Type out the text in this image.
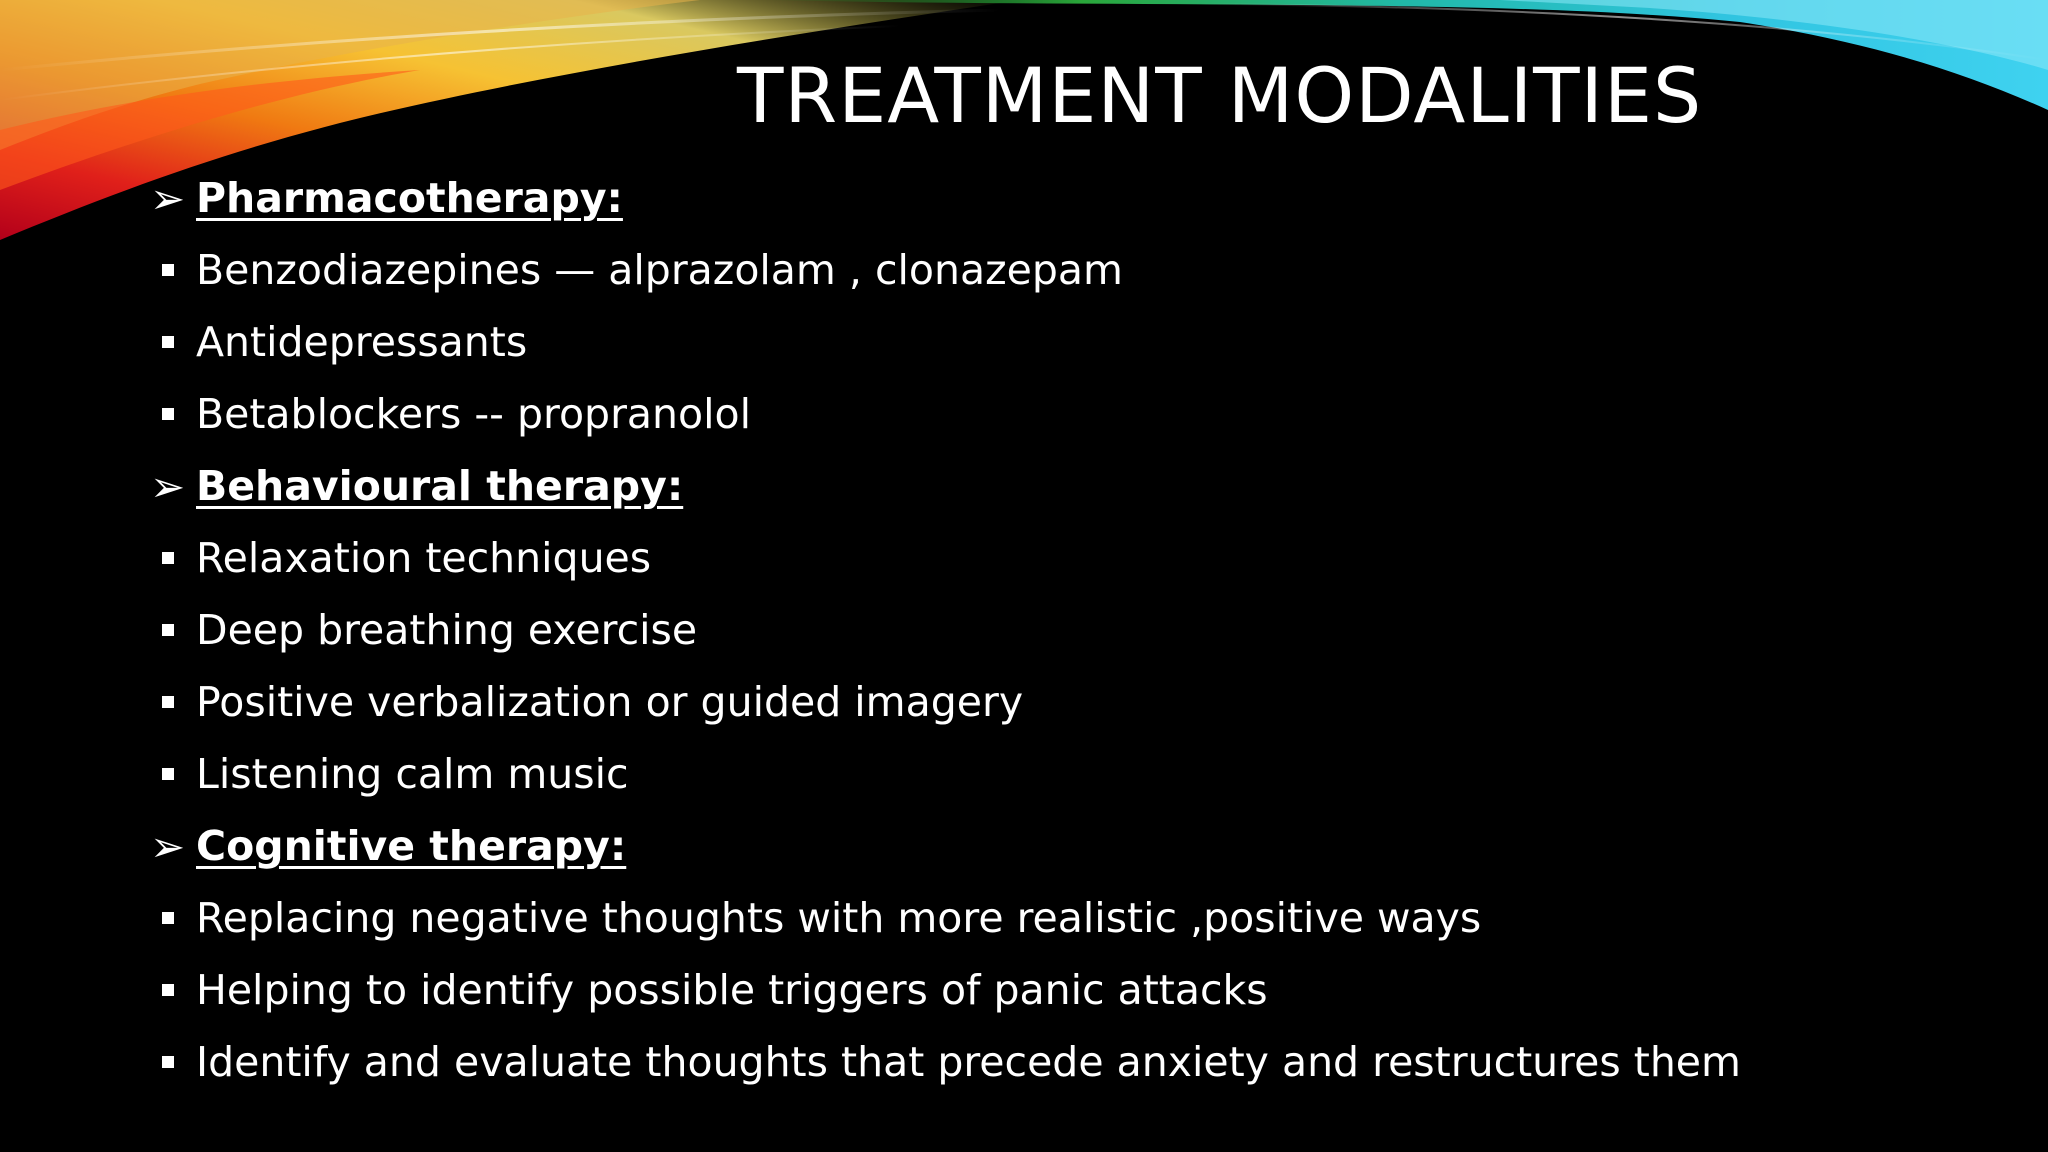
TREATMENT MODALITIES
➢ Pharmacotherapy:
Benzodiazepines — alprazolam , clonazepam
Antidepressants
Betablockers -- propranolol
➢ Behavioural therapy:
Relaxation techniques
Deep breathing exercise
Positive verbalization or guided imagery
Listening calm music
➢ Cognitive therapy:
Replacing negative thoughts with more realistic ,positive ways
Helping to identify possible triggers of panic attacks
Identify and evaluate thoughts that precede anxiety and restructures them
